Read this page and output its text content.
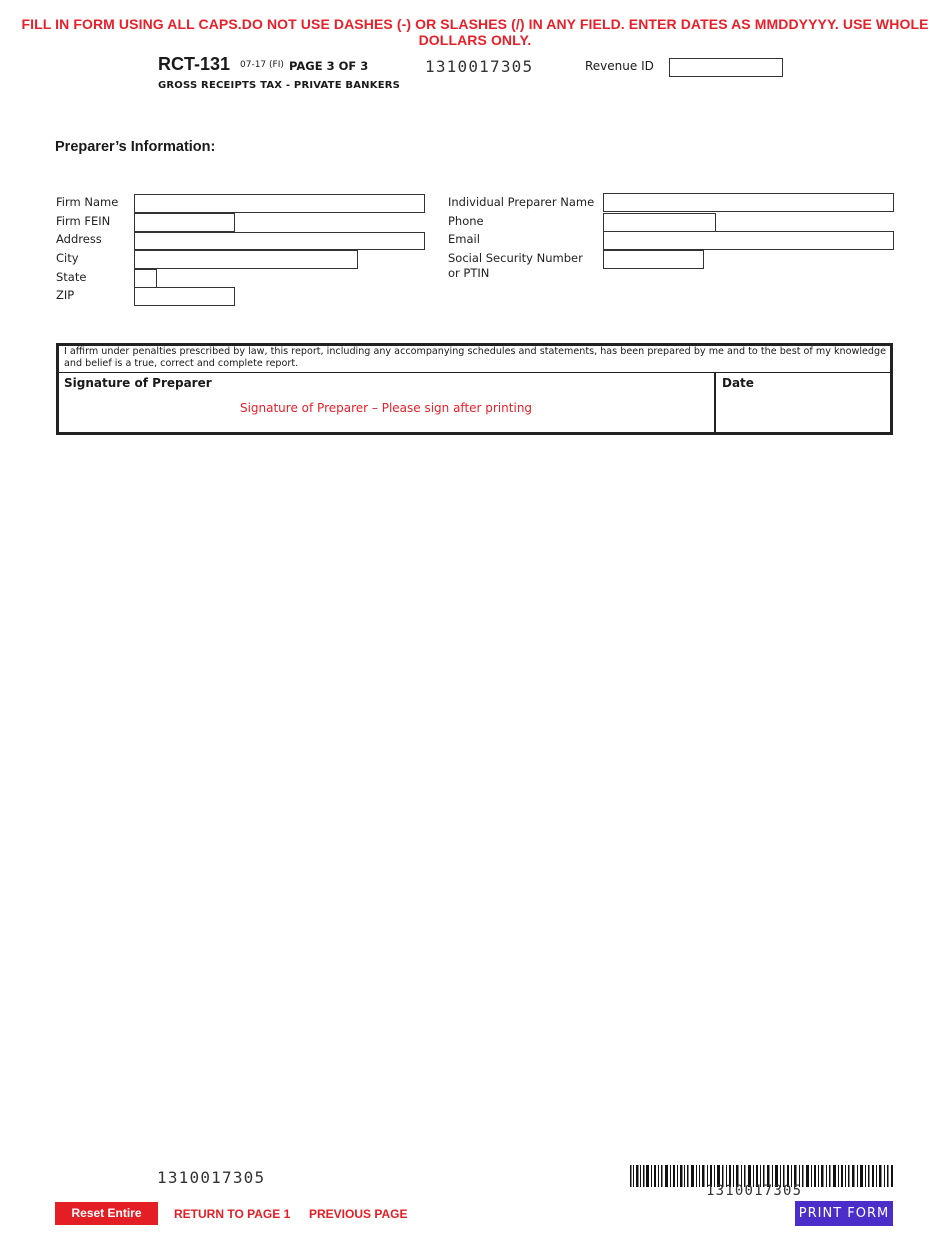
FILL IN FORM USING ALL CAPS.DO NOT USE DASHES (-) OR SLASHES (/) IN ANY FIELD. ENTER DATES AS MMDDYYYY. USE WHOLE DOLLARS ONLY.
RCT-131 07-17 (FI) PAGE 3 OF 3
GROSS RECEIPTS TAX - PRIVATE BANKERS
1310017305	Revenue ID
Preparer’s Information:
Firm Name
Firm FEIN
Address
City
State
ZIP
Individual Preparer Name
Phone
Email
Social Security Number
or PTIN
I affirm under penalties prescribed by law, this report, including any accompanying schedules and statements, has been prepared by me and to the best of my knowledge and belief is a true, correct and complete report.
Signature of Preparer	Date
Signature of Preparer – Please sign after printing
1310017305
1310017305
Reset Entire Form
RETURN TO PAGE 1 PREVIOUS PAGE	PRINT FORM
